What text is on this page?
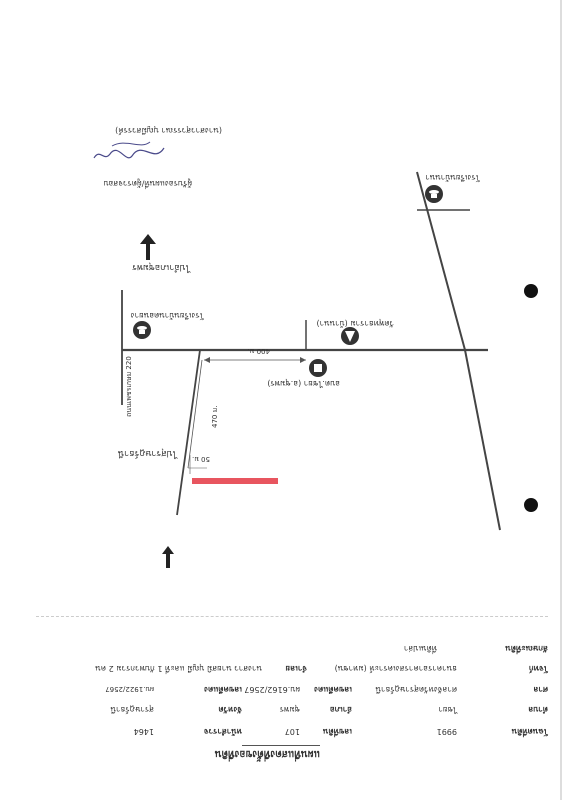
แผนที่แสดงที่ตั้งของที่ดิน
โฉนดที่ดิน
9991
เลขที่ดิน
107
หน้าสำรวจ
1464
ตำบล
ไชยา
อำเภอ
ชุมพร
จังหวัด
สุราษฎร์ธานี
ศาล
ศาลจังหวัดสุราษฎร์ธานี
เลขคดีแดง
ผบ.6162/2567
เลขคดีแดง
ผบ.1922/2567
โจทก์
ธนาคารอาคารสงเคราะห์ (มหาชน)
จำเลย
นางสาว นายสมิ บุญมี และที่ 1 กับพวกรวม 2 คน
ลักษณะที่ดิน
ที่ดินเปล่า
ไปอำเภอชุมพร
ไปสุราษฎร์ธานี
ถนนเพชรเกษม 220
โรงเรียนบ้านดอนยาง
วัดพุทธาราม (บ้านนา)
อบต.ไชยา (อ.ชุมพร)
โรงเรียนบ้านนา
400 ม.
470 ม.
50 ม.
ผู้รับรองแผนที่/ผู้ตรวจสอบ
(นางสาวสุวรรณา บุญมีสวรรค์)
